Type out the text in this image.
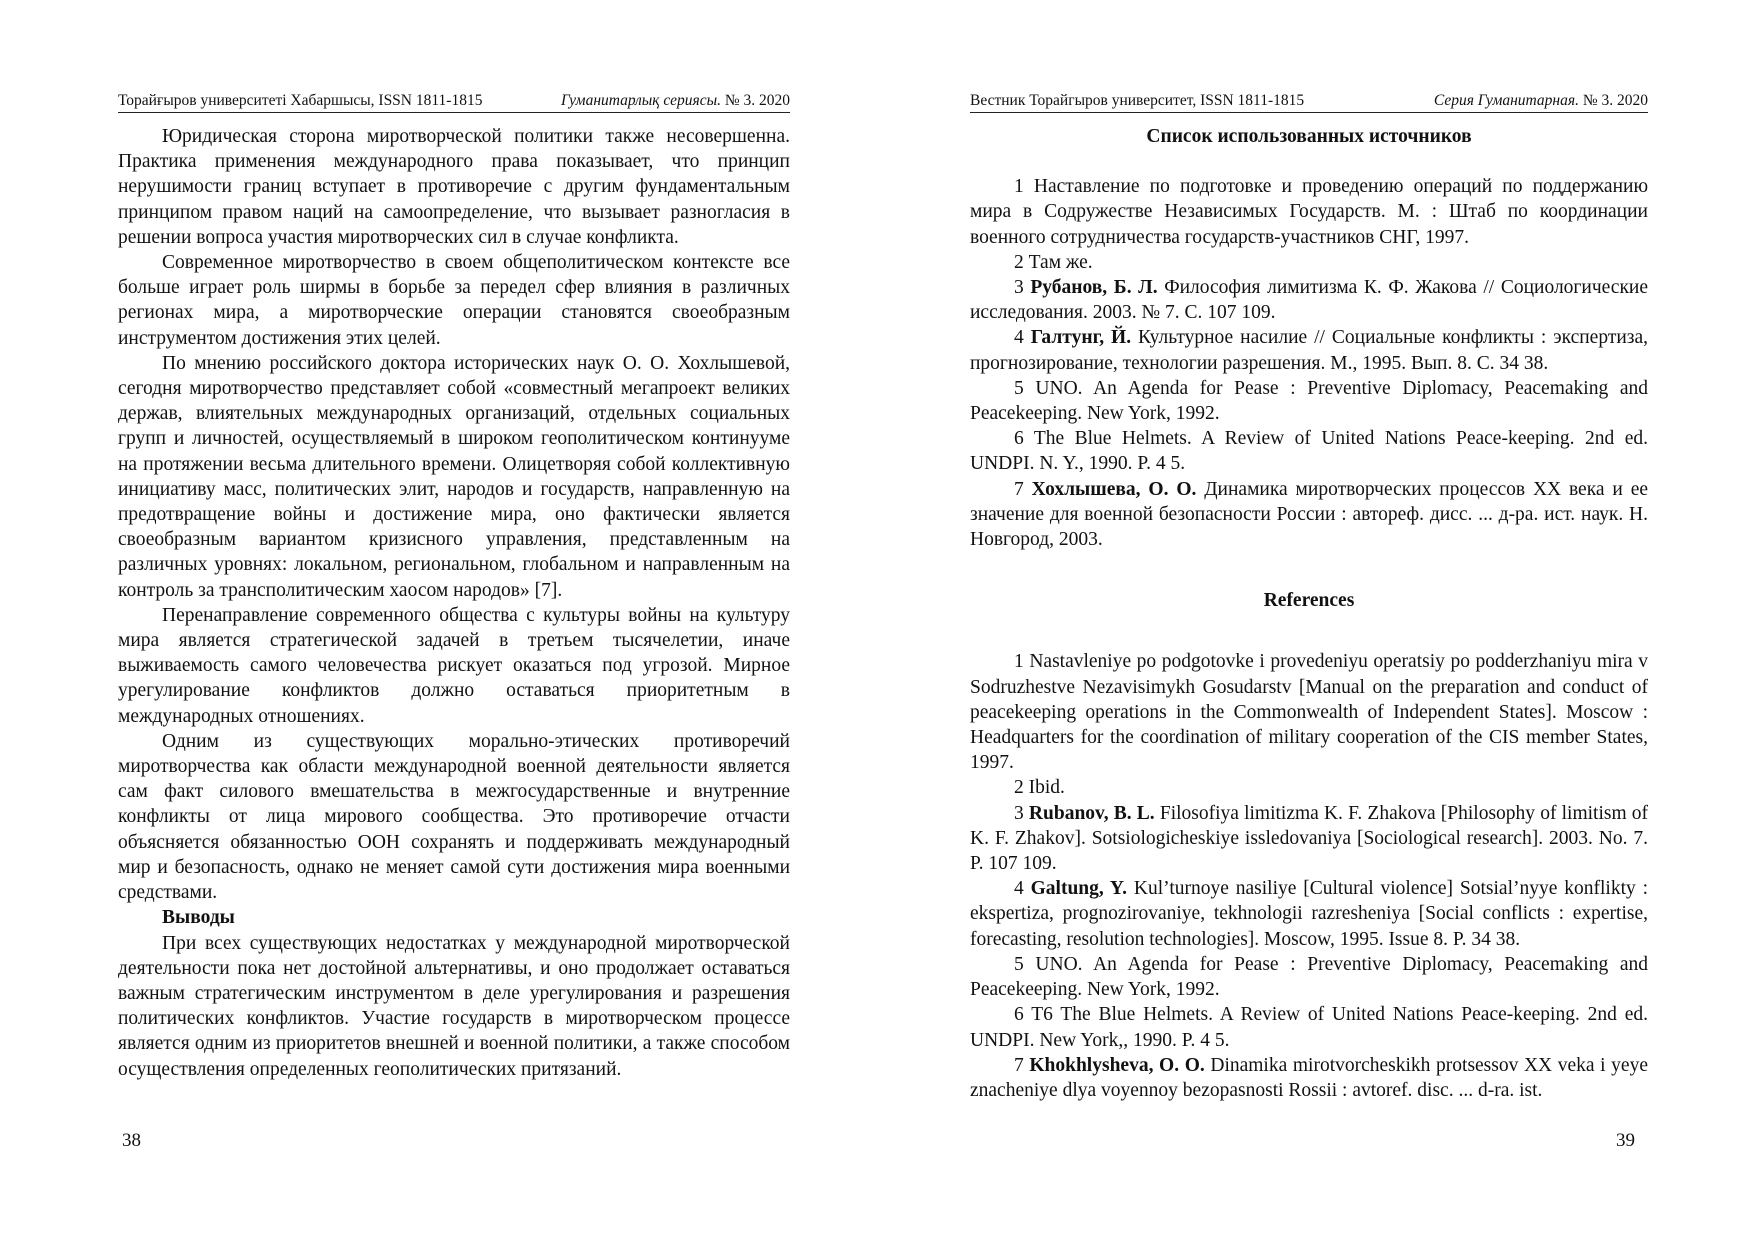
Торайғыров университеті Хабаршысы, ISSN 1811-1815	Гуманитарлық сериясы. № 3. 2020

Юридическая сторона миротворческой политики также несовершенна. Практика применения международного права показывает, что принцип нерушимости границ вступает в противоречие с другим фундаментальным принципом правом наций на самоопределение, что вызывает разногласия в решении вопроса участия миротворческих сил в случае конфликта.

Современное миротворчество в своем общеполитическом контексте все больше играет роль ширмы в борьбе за передел сфер влияния в различных регионах мира, а миротворческие операции становятся своеобразным инструментом достижения этих целей.

По мнению российского доктора исторических наук О. О. Хохлышевой, сегодня миротворчество представляет собой «совместный мегапроект великих держав, влиятельных международных организаций, отдельных социальных групп и личностей, осуществляемый в широком геополитическом континууме на протяжении весьма длительного времени. Олицетворяя собой коллективную инициативу масс, политических элит, народов и государств, направленную на предотвращение войны и достижение мира, оно фактически является своеобразным вариантом кризисного управления, представленным на различных уровнях: локальном, региональном, глобальном и направленным на контроль за трансполитическим хаосом народов» [7].

Перенаправление современного общества с культуры войны на культуру мира является стратегической задачей в третьем тысячелетии, иначе выживаемость самого человечества рискует оказаться под угрозой. Мирное урегулирование конфликтов должно оставаться приоритетным в международных отношениях.

Одним из существующих морально-этических противоречий миротворчества как области международной военной деятельности является сам факт силового вмешательства в межгосударственные и внутренние конфликты от лица мирового сообщества. Это противоречие отчасти объясняется обязанностью ООН сохранять и поддерживать международный мир и безопасность, однако не меняет самой сути достижения мира военными средствами.

Выводы

При всех существующих недостатках у международной миротворческой деятельности пока нет достойной альтернативы, и оно продолжает оставаться важным стратегическим инструментом в деле урегулирования и разрешения политических конфликтов. Участие государств в миротворческом процессе является одним из приоритетов внешней и военной политики, а также способом осуществления определенных геополитических притязаний.

38
Вестник Торайгыров университет, ISSN 1811-1815	Серия Гуманитарная. № 3. 2020
Список использованных источников
1 Наставление по подготовке и проведению операций по поддержанию мира в Содружестве Независимых Государств. М. : Штаб по координации военного сотрудничества государств-участников СНГ, 1997.
2 Там же.
3 Рубанов, Б. Л. Философия лимитизма К. Ф. Жакова // Социологические исследования. 2003. № 7. С. 107 109.
4 Галтунг, Й. Культурное насилие // Социальные конфликты : экспертиза, прогнозирование, технологии разрешения. М., 1995. Вып. 8. С. 34 38.
5 UNO. An Agenda for Pease : Preventive Diplomacy, Peacemaking and Peacekeeping. New York, 1992.
6 The Blue Helmets. A Review of United Nations Peace-keeping. 2nd ed. UNDPI. N. Y., 1990. P. 4 5.
7 Хохлышева, О. О. Динамика миротворческих процессов XX века и ее значение для военной безопасности России : автореф. дисс. ... д-ра. ист. наук. Н. Новгород, 2003.
References
1 Nastavleniye po podgotovke i provedeniyu operatsiy po podderzhaniyu mira v Sodruzhestve Nezavisimykh Gosudarstv [Manual on the preparation and conduct of peacekeeping operations in the Commonwealth of Independent States]. Moscow : Headquarters for the coordination of military cooperation of the CIS member States, 1997.
2 Ibid.
3 Rubanov, B. L. Filosofiya limitizma K. F. Zhakova [Philosophy of limitism of K. F. Zhakov]. Sotsiologicheskiye issledovaniya [Sociological research]. 2003. No. 7. P. 107 109.
4 Galtung, Y. Kul’turnoye nasiliye [Cultural violence] Sotsial’nyye konflikty : ekspertiza, prognozirovaniye, tekhnologii razresheniya [Social conflicts : expertise, forecasting, resolution technologies]. Moscow, 1995. Issue 8. P. 34 38.
5 UNO. An Agenda for Pease : Preventive Diplomacy, Peacemaking and Peacekeeping. New York, 1992.
6 T6 The Blue Helmets. A Review of United Nations Peace-keeping. 2nd ed. UNDPI. New York,, 1990. P. 4 5.
7 Khokhlysheva, O. O. Dinamika mirotvorcheskikh protsessov XX veka i yeye znacheniye dlya voyennoy bezopasnosti Rossii : avtoref. disc. ... d-ra. ist.
39
